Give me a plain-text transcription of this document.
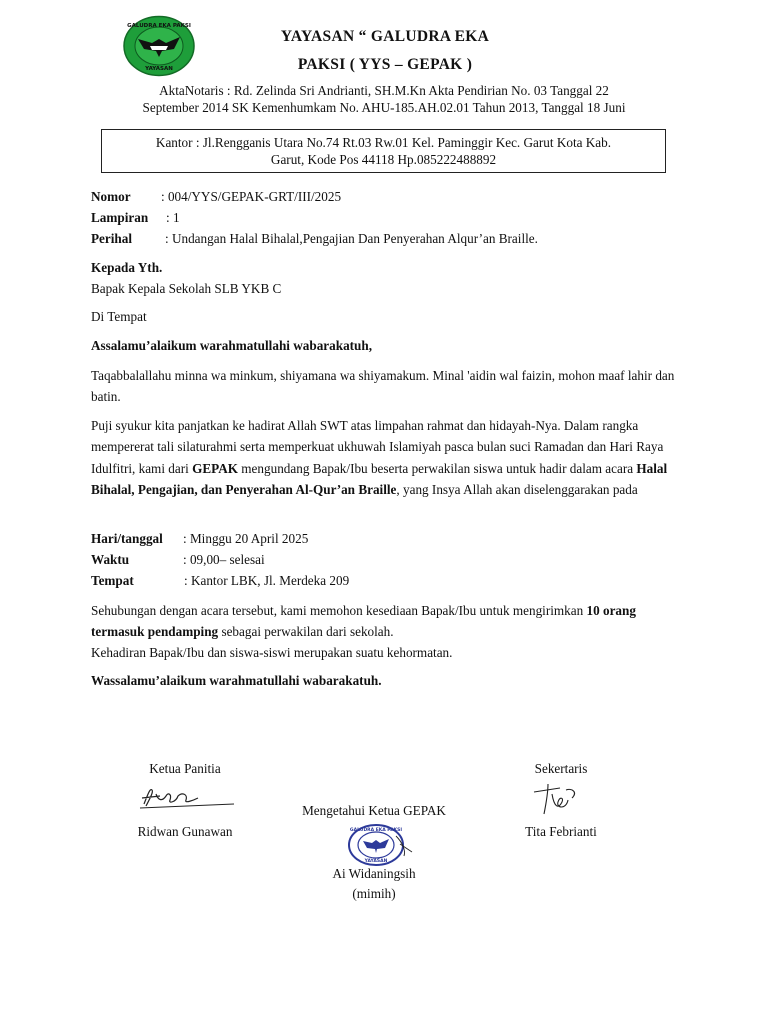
GALUDRA EKA PAKSI
YAYASAN
YAYASAN “ GALUDRA EKA
PAKSI ( YYS – GEPAK )
AktaNotaris : Rd. Zelinda Sri Andrianti, SH.M.Kn Akta Pendirian No. 03 Tanggal 22
September 2014 SK Kemenhumkam No. AHU-185.AH.02.01 Tahun 2013, Tanggal 18 Juni
Kantor : Jl.Rengganis Utara No.74 Rt.03 Rw.01 Kel. Paminggir Kec. Garut Kota Kab.
Garut, Kode Pos 44118 Hp.085222488892
Nomor : 004/YYS/GEPAK-GRT/III/2025
Lampiran : 1
Perihal : Undangan Halal Bihalal,Pengajian Dan Penyerahan Alqur’an Braille.
Kepada Yth.
Bapak Kepala Sekolah SLB YKB C
Di Tempat
Assalamu’alaikum warahmatullahi wabarakatuh,
Taqabbalallahu minna wa minkum, shiyamana wa shiyamakum. Minal 'aidin wal faizin, mohon maaf lahir dan batin.
Puji syukur kita panjatkan ke hadirat Allah SWT atas limpahan rahmat dan hidayah-Nya. Dalam rangka mempererat tali silaturahmi serta memperkuat ukhuwah Islamiyah pasca bulan suci Ramadan dan Hari Raya Idulfitri, kami dari GEPAK mengundang Bapak/Ibu beserta perwakilan siswa untuk hadir dalam acara Halal Bihalal, Pengajian, dan Penyerahan Al-Qur’an Braille, yang Insya Allah akan diselenggarakan pada
Hari/tanggal : Minggu 20 April 2025
Waktu	: 09,00– selesai
Tempat	: Kantor LBK, Jl. Merdeka 209
Sehubungan dengan acara tersebut, kami memohon kesediaan Bapak/Ibu untuk mengirimkan 10 orang termasuk pendamping sebagai perwakilan dari sekolah.
Kehadiran Bapak/Ibu dan siswa-siswi merupakan suatu kehormatan.
Wassalamu’alaikum warahmatullahi wabarakatuh.
Ketua Panitia
Ridwan Gunawan
Sekertaris
Tita Febrianti
Mengetahui Ketua GEPAK
GALUDRA EKA PAKSI
YAYASAN
Ai Widaningsih
(mimih)
